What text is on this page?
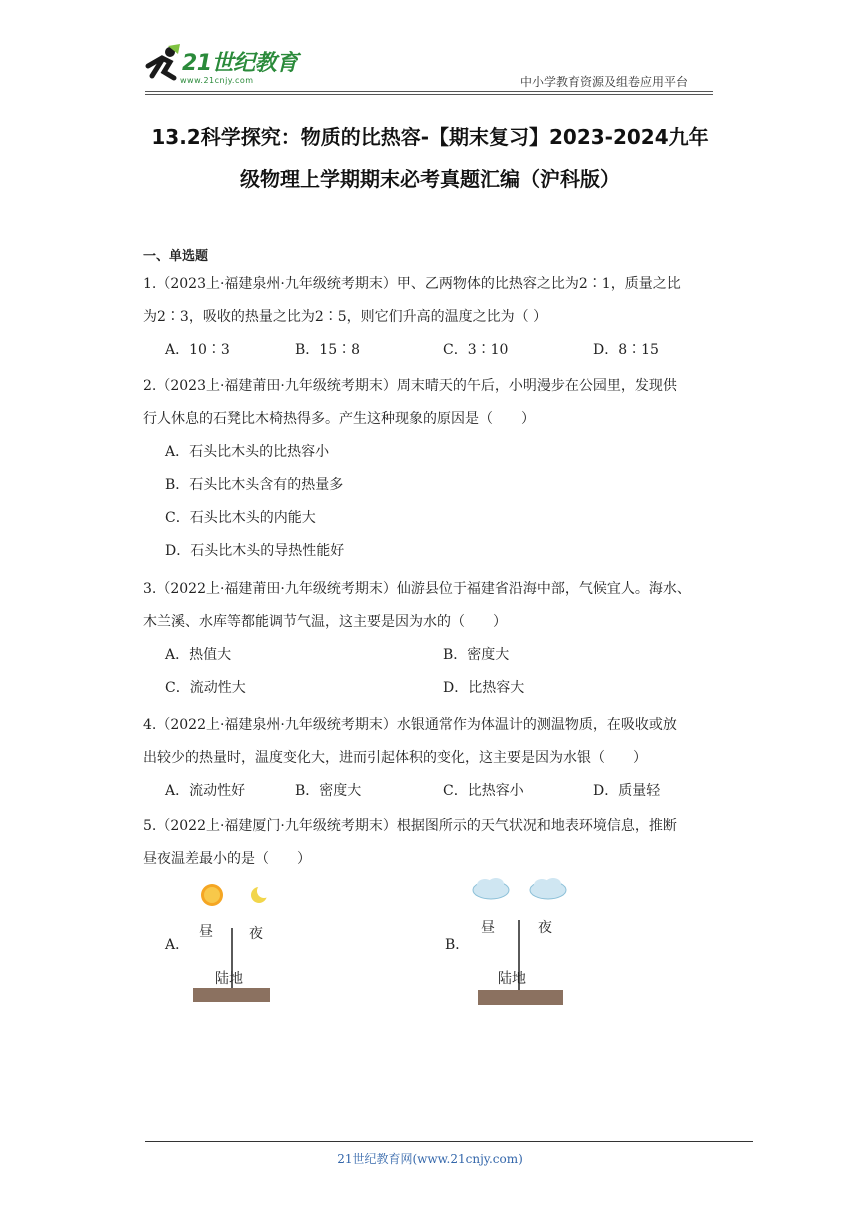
21世纪教育
www.21cnjy.com	中小学教育资源及组卷应用平台
13.2科学探究：物质的比热容-【期末复习】2023-2024九年
级物理上学期期末必考真题汇编（沪科版）
一、单选题
1.（2023上·福建泉州·九年级统考期末）甲、乙两物体的比热容之比为2∶1，质量之比
为2∶3，吸收的热量之比为2∶5，则它们升高的温度之比为（ ）
A．10∶3	B．15∶8	C．3∶10	D．8∶15
2.（2023上·福建莆田·九年级统考期末）周末晴天的午后，小明漫步在公园里，发现供
行人休息的石凳比木椅热得多。产生这种现象的原因是（　　）
A．石头比木头的比热容小
B．石头比木头含有的热量多
C．石头比木头的内能大
D．石头比木头的导热性能好
3.（2022上·福建莆田·九年级统考期末）仙游县位于福建省沿海中部，气候宜人。海水、
木兰溪、水库等都能调节气温，这主要是因为水的（　　）
A．热值大	B．密度大
C．流动性大	D．比热容大
4.（2022上·福建泉州·九年级统考期末）水银通常作为体温计的测温物质，在吸收或放
出较少的热量时，温度变化大，进而引起体积的变化，这主要是因为水银（　　）
A．流动性好	B．密度大	C．比热容小	D．质量轻
5.（2022上·福建厦门·九年级统考期末）根据图所示的天气状况和地表环境信息，推断
昼夜温差最小的是（　　）
A．
昼	夜
陆地
B．
昼	夜
陆地
21世纪教育网(www.21cnjy.com)
